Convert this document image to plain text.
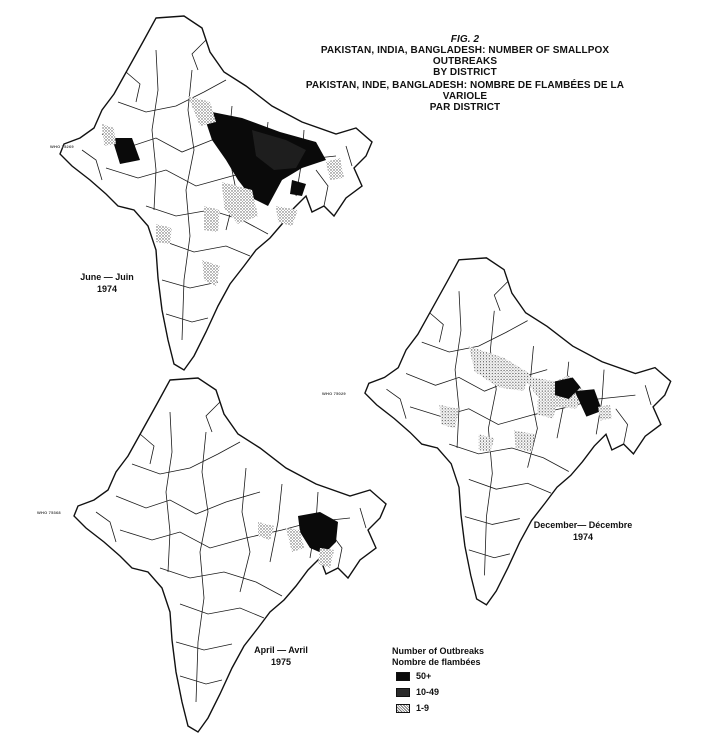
FIG. 2
PAKISTAN, INDIA, BANGLADESH: NUMBER OF SMALLPOX OUTBREAKS
BY DISTRICT
PAKISTAN, INDE, BANGLADESH: NOMBRE DE FLAMBÉES DE LA VARIOLE
PAR DISTRICT
WHO 75269
WHO 75029
WHO 75368
June — Juin
1974
December— Décembre
1974
April — Avril
1975
Number of Outbreaks
Nombre de flambées
50+
10-49
1-9
